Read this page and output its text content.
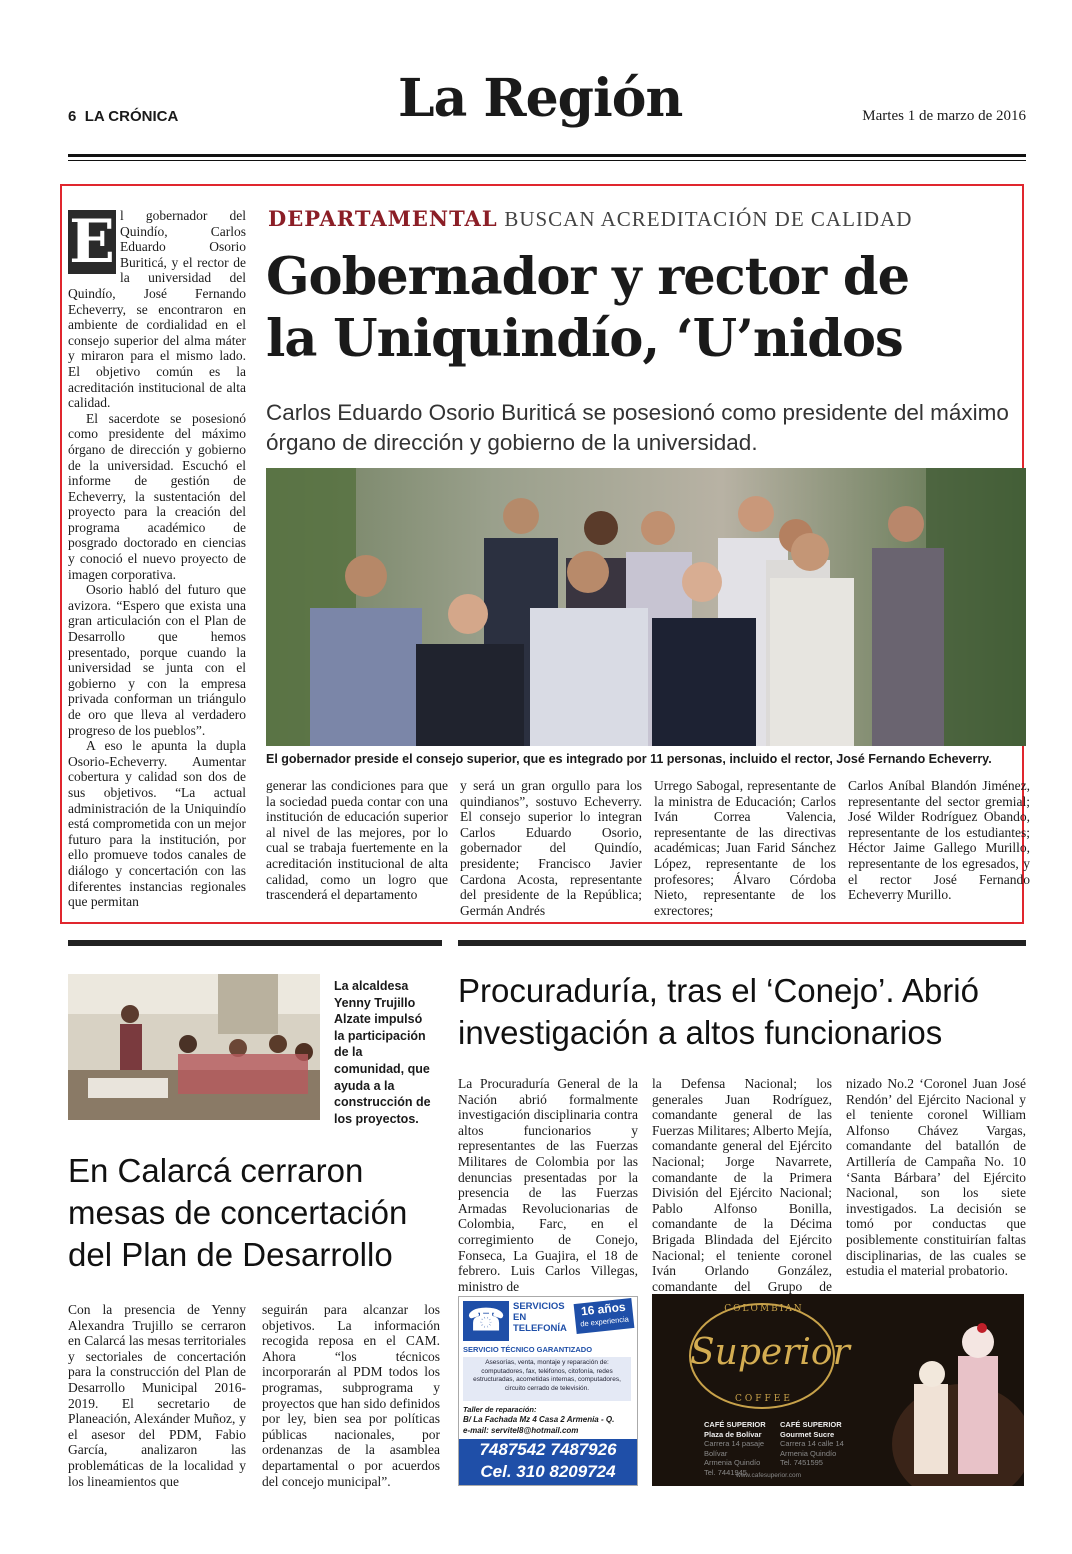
6 LA CRÓNICA	La Región	Martes 1 de marzo de 2016
E l gobernador del Quindío, Carlos Eduardo Osorio Buriticá, y el rector de la universidad del Quindío, José Fernando Echeverry, se encontraron en ambiente de cordialidad en el consejo superior del alma máter y miraron para el mismo lado. El objetivo común es la acreditación institucional de alta calidad.

El sacerdote se posesionó como presidente del máximo órgano de dirección y gobierno de la universidad. Escuchó el informe de gestión de Echeverry, la sustentación del proyecto para la creación del programa académico de posgrado doctorado en ciencias y conoció el nuevo proyecto de imagen corporativa.

Osorio habló del futuro que avizora. “Espero que exista una gran articulación con el Plan de Desarrollo que hemos presentado, porque cuando la universidad se junta con el gobierno y con la empresa privada conforman un triángulo de oro que lleva al verdadero progreso de los pueblos”.

A eso le apunta la dupla Osorio-Echeverry. Aumentar cobertura y calidad son dos de sus objetivos. “La actual administración de la Uniquindío está comprometida con un mejor futuro para la institución, por ello promueve todos canales de diálogo y concertación con las diferentes instancias regionales que permitan

DEPARTAMENTAL BUSCAN ACREDITACIÓN DE CALIDAD
Gobernador y rector de
la Uniquindío, ‘U’nidos
Carlos Eduardo Osorio Buriticá se posesionó como presidente del máximo órgano de dirección y gobierno de la universidad.
El gobernador preside el consejo superior, que es integrado por 11 personas, incluido el rector, José Fernando Echeverry.

generar las condiciones para que la sociedad pueda contar con una institución de educación superior al nivel de las mejores, por lo cual se trabaja fuertemente en la acreditación institucional de alta calidad, como un logro que trascenderá el departamento

y será un gran orgullo para los quindianos”, sostuvo Echeverry. El consejo superior lo integran Carlos Eduardo Osorio, gobernador del Quindío, presidente; Francisco Javier Cardona Acosta, representante del presidente de la República; Germán Andrés

Urrego Sabogal, representante de la ministra de Educación; Carlos Iván Correa Valencia, representante de las directivas académicas; Juan Farid Sánchez López, representante de los profesores; Álvaro Córdoba Nieto, representante de los exrectores;

Carlos Aníbal Blandón Jiménez, representante del sector gremial; José Wilder Rodríguez Obando, representante de los estudiantes; Héctor Jaime Gallego Murillo, representante de los egresados, y el rector José Fernando Echeverry Murillo.

La alcaldesa Yenny Trujillo Alzate impulsó la participación de la comunidad, que ayuda a la construcción de los proyectos.
En Calarcá cerraron mesas de concertación del Plan de Desarrollo

Con la presencia de Yenny Alexandra Trujillo se cerraron en Calarcá las mesas territoriales y sectoriales de concertación para la construcción del Plan de Desarrollo Municipal 2016-2019. El secretario de Planeación, Alexánder Muñoz, y el asesor del PDM, Fabio García, analizaron las problemáticas de la localidad y los lineamientos que

seguirán para alcanzar los objetivos. La información recogida reposa en el CAM. Ahora “los técnicos incorporarán al PDM todos los programas, subprograma y proyectos que han sido definidos por ley, bien sea por políticas públicas nacionales, por ordenanzas de la asamblea departamental o por acuerdos del concejo municipal”.

Procuraduría, tras el ‘Conejo’. Abrió investigación a altos funcionarios

La Procuraduría General de la Nación abrió formalmente investigación disciplinaria contra altos funcionarios y representantes de las Fuerzas Militares de Colombia por las denuncias presentadas por la presencia de las Fuerzas Armadas Revolucionarias de Colombia, Farc, en el corregimiento de Conejo, Fonseca, La Guajira, el 18 de febrero. Luis Carlos Villegas, ministro de

la Defensa Nacional; los generales Juan Rodríguez, comandante general de las Fuerzas Militares; Alberto Mejía, comandante general del Ejército Nacional; Jorge Navarrete, comandante de la Primera División del Ejército Nacional; Pablo Alfonso Bonilla, comandante de la Décima Brigada Blindada del Ejército Nacional; el teniente coronel Iván Orlando González, comandante del Grupo de

nizado No.2 ‘Coronel Juan José Rendón’ del Ejército Nacional y el teniente coronel William Alfonso Chávez Vargas, comandante del batallón de Artillería de Campaña No. 10 ‘Santa Bárbara’ del Ejército Nacional, son los siete investigados. La decisión se tomó por conductas que posiblemente constituirían faltas disciplinarias, de las cuales se estudia el material probatorio.

☎ SERVICIOS
EN
TELEFONÍA
16 años
de experiencia
SERVICIO TÉCNICO GARANTIZADO
Asesorías, venta, montaje y reparación de: computadores, fax, teléfonos, citofonía, redes estructuradas, acometidas internas, computadores, circuito cerrado de televisión.
Taller de reparación:
B/ La Fachada Mz 4 Casa 2 Armenia - Q.
e-mail: servitel8@hotmail.com
7487542 7487926
Cel. 310 8209724
COLOMBIAN
Superior
COFFEE
CAFÉ SUPERIOR
Plaza de Bolívar
Carrera 14 pasaje Bolívar
Armenia Quindío
Tel. 7441945
CAFÉ SUPERIOR
Gourmet Sucre
Carrera 14 calle 14
Armenia Quindío
Tel. 7451595
www.cafesuperior.com
